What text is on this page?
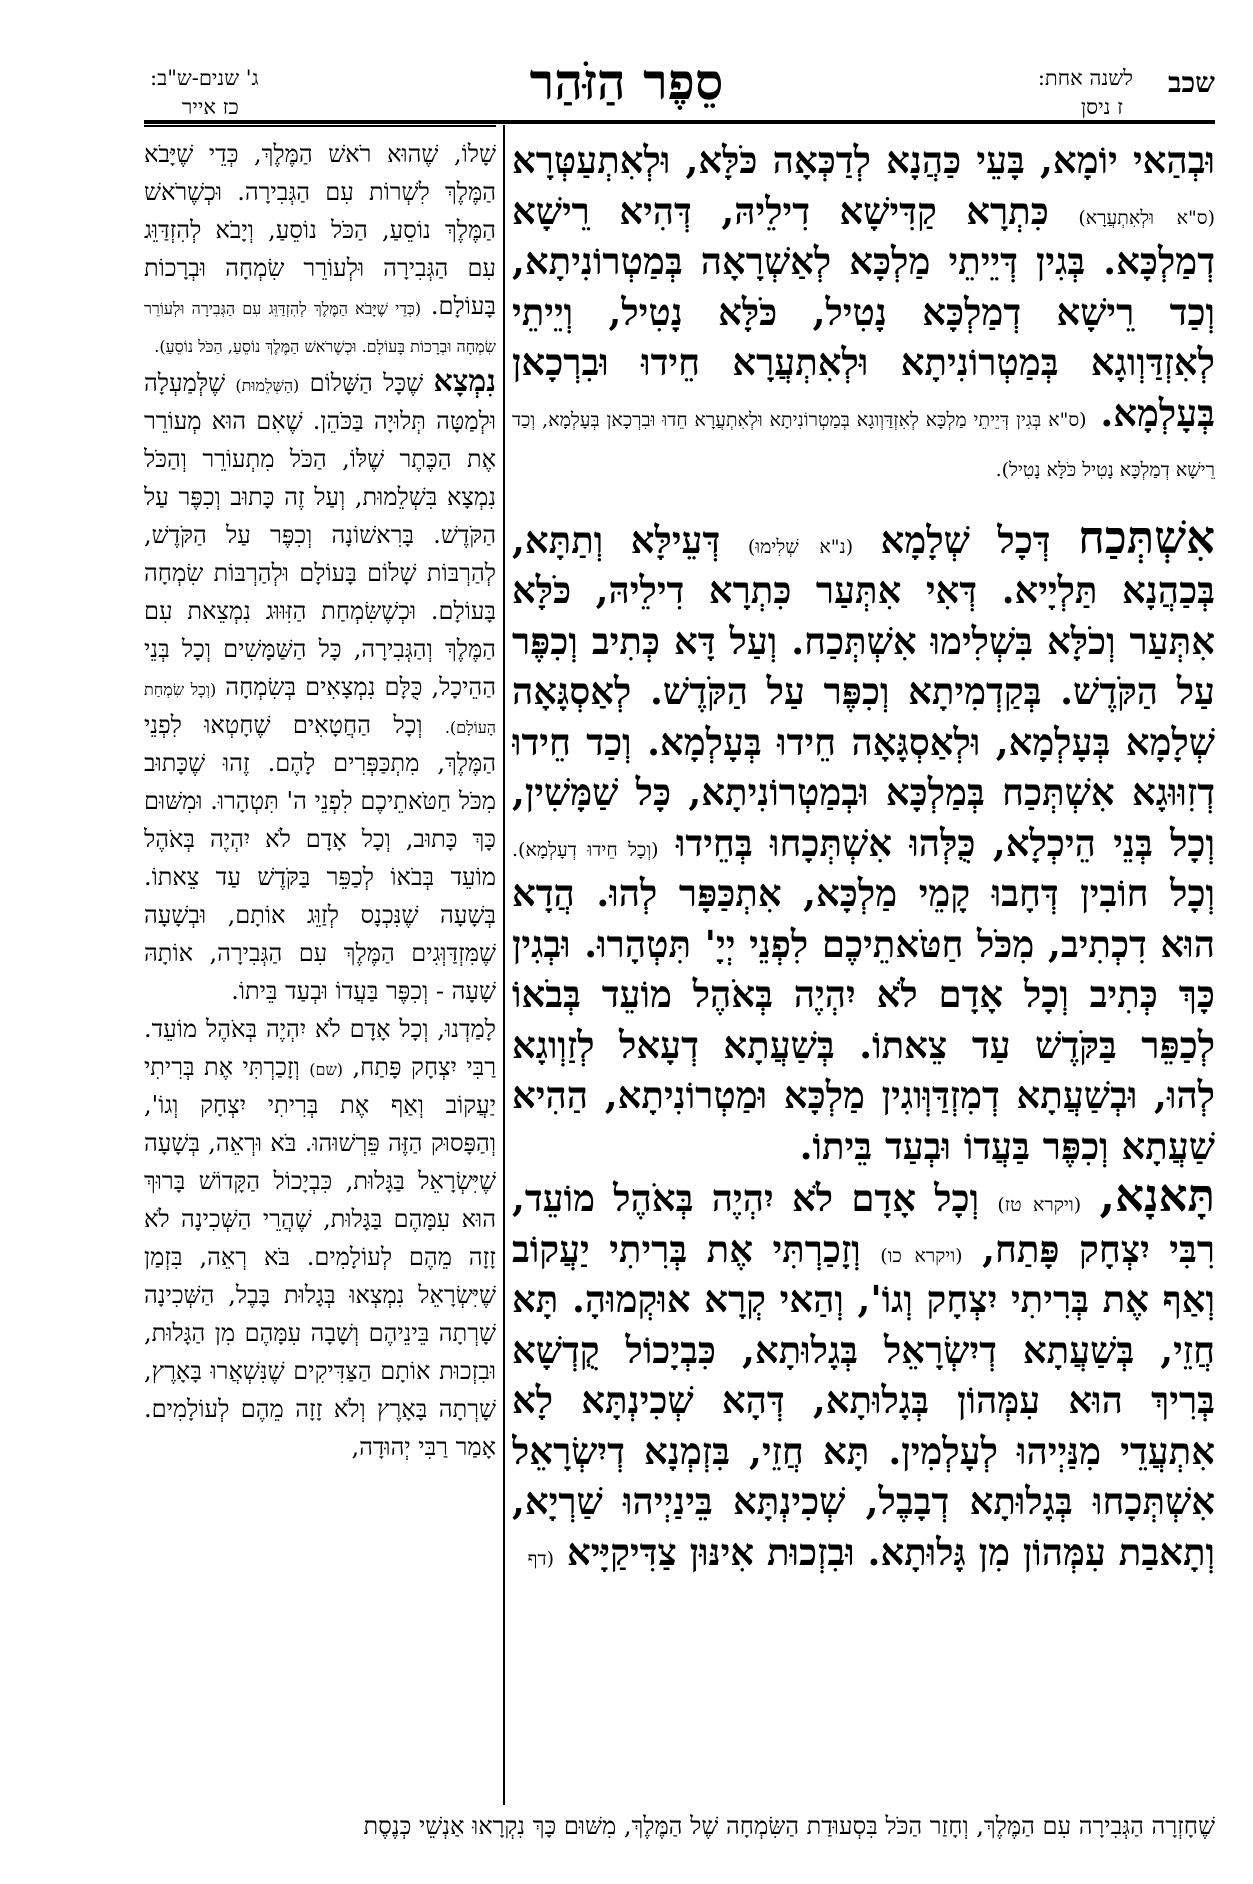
שכב
לשנה אחת:
ז ניסן
סֵפֶר הַזֹּהַר
ג' שנים-ש"ב:
כז אייר

וּבְהַאי יוֹמָא, בָּעֵי כַּהֲנָא לְדַכְּאָה כֹּלָּא, וּלְאִתְעַטְּרָא (ס"א וּלְאִתְעֲרָא) כִּתְרָא קַדִּישָׁא דִילֵיהּ, דְּהִיא רֵישָׁא דְמַלְכָּא. בְּגִין דְּיֵיתֵי מַלְכָּא לְאַשְׁרָאָה בְּמַטְרוֹנִיתָא, וְכַד רֵישָׁא דְמַלְכָּא נָטִיל, כֹּלָּא נָטִיל, וְיֵיתֵי לְאִזְדַּוְוגָא בְּמַטְרוֹנִיתָא וּלְאִתְעֲרָא חֵידוּ וּבִרְכָאן בְּעָלְמָא. (ס"א בְּגִין דְּיֵיתֵי מַלְכָּא לְאִזְדַּוְוגָא בְּמַטְרוֹנִיתָא וּלְאִתְעֲרָא חֵדוּ וּבִרְכָאן בְּעָלְמָא, וְכַד רֵישָׁא דְמַלְכָּא נָטִיל כֹּלָּא נָטִיל).

אִשְׁתְּכַח דְּכָל שְׁלָמָא (נ"א שְׁלִימוּ) דְּעֵילָּא וְתַתָּא, בְּכַהֲנָא תַּלְיָיא. דְּאִי אִתְּעַר כִּתְרָא דִילֵיהּ, כֹּלָּא אִתְּעַר וְכֹלָּא בִּשְׁלִימוּ אִשְׁתְּכַח. וְעַל דָּא כְּתִיב וְכִפֶּר עַל הַקֹּדֶשׁ. בְּקַדְמִיתָא וְכִפֶּר עַל הַקֹּדֶשׁ. לְאַסְגָּאָה שְׁלָמָא בְּעָלְמָא, וּלְאַסְגָּאָה חֵידוּ בְּעָלְמָא. וְכַד חֵידוּ דְזִוּוּגָא אִשְׁתְּכַח בְּמַלְכָּא וּבְמַטְרוֹנִיתָא, כָּל שַׁמָּשִׁין, וְכָל בְּנֵי הֵיכְלָא, כֻּלְּהוּ אִשְׁתְּכָחוּ בְּחֵידוּ (וְכָל חֵידוּ דְעָלְמָא). וְכָל חוֹבִין דְּחָבוּ קָמֵי מַלְכָּא, אִתְכַּפָּר לְהוּ. הֲדָא הוּא דִכְתִיב, מִכֹּל חַטֹּאתֵיכֶם לִפְנֵי יְיָ' תִּטְהָרוּ. וּבְגִין כָּךְ כְּתִיב וְכָל אָדָם לֹא יִהְיֶה בְּאֹהֶל מוֹעֵד בְּבֹאוֹ לְכַפֵּר בַּקֹּדֶשׁ עַד צֵאתוֹ. בְּשַׁעֲתָא דְעָאל לְזַוְוגָא לְהוּ, וּבְשַׁעֲתָא דְמִזְדַּוְּוגִין מַלְכָּא וּמַטְרוֹנִיתָא, הַהִיא שַׁעֲתָא וְכִפֶּר בַּעֲדוֹ וּבְעַד בֵּיתוֹ.

תָּאנָא, (ויקרא טז) וְכָל אָדָם לֹא יִהְיֶה בְּאֹהֶל מוֹעֵד, רִבִּי יִצְחָק פָּתַח, (ויקרא כו) וְזָכַרְתִּי אֶת בְּרִיתִי יַעֲקוֹב וְאַף אֶת בְּרִיתִי יִצְחָק וְגוֹ', וְהַאי קְרָא אוּקְמוּהָ. תָּא חֲזֵי, בְּשַׁעֲתָא דְיִשְׂרָאֵל בְּגָלוּתָא, כִּבְיָכוֹל קֻדְשָׁא בְּרִיךְ הוּא עִמְּהוֹן בְּגָלוּתָא, דְּהָא שְׁכִינְתָּא לָא אִתְעֲדֵי מִנַּיְיהוּ לְעָלְמִין. תָּא חֲזֵי, בִּזְמְנָא דְיִשְׂרָאֵל אִשְׁתְּכָחוּ בְּגָלוּתָא דְבָבֶל, שְׁכִינְתָּא בֵּינַיְיהוּ שַׁרְיָא, וְתָאבַת עִמְּהוֹן מִן גָּלוּתָא. וּבִזְכוּת אִינּוּן צַדִּיקַיָּיא (דף

שָׁלוֹ, שֶׁהוּא רֹאשׁ הַמֶּלֶךְ, כְּדֵי שֶׁיָּבֹא הַמֶּלֶךְ לִשְׁרוֹת עִם הַגְּבִירָה. וּכְשֶׁרֹאשׁ הַמֶּלֶךְ נוֹסֵעַ, הַכֹּל נוֹסֵעַ, וְיָבֹא לְהִזְדַּוֵּג עִם הַגְּבִירָה וּלְעוֹרֵר שִׂמְחָה וּבְרָכוֹת בָּעוֹלָם. (כְּדֵי שֶׁיָּבֹא הַמֶּלֶךְ לְהִזְדַּוֵּג עִם הַגְּבִירָה וּלְעוֹרֵר שִׂמְחָה וּבְרָכוֹת בָּעוֹלָם. וּכְשֶׁרֹאשׁ הַמֶּלֶךְ נוֹסֵעַ, הַכֹּל נוֹסֵעַ).

נִמְצָא שֶׁכָּל הַשָּׁלוֹם (הַשְּׁלֵמוּת) שֶׁלְּמַעְלָה וּלְמַטָּה תְּלוּיָה בַּכֹּהֵן. שֶׁאִם הוּא מְעוֹרֵר אֶת הַכֶּתֶר שֶׁלּוֹ, הַכֹּל מִתְעוֹרֵר וְהַכֹּל נִמְצָא בִּשְׁלֵמוּת, וְעַל זֶה כָּתוּב וְכִפֶּר עַל הַקֹּדֶשׁ. בָּרִאשׁוֹנָה וְכִפֶּר עַל הַקֹּדֶשׁ, לְהַרְבּוֹת שָׁלוֹם בָּעוֹלָם וּלְהַרְבּוֹת שִׂמְחָה בָּעוֹלָם. וּכְשֶׁשִּׂמְחַת הַזִּוּוּג נִמְצֵאת עִם הַמֶּלֶךְ וְהַגְּבִירָה, כָּל הַשַּׁמָּשִׁים וְכָל בְּנֵי הַהֵיכָל, כֻּלָּם נִמְצָאִים בְּשִׂמְחָה (וְכָל שִׂמְחַת הָעוֹלָם). וְכָל הַחֲטָאִים שֶׁחָטְאוּ לִפְנֵי הַמֶּלֶךְ, מִתְכַּפְּרִים לָהֶם. זֶהוּ שֶׁכָּתוּב מִכֹּל חַטֹּאתֵיכֶם לִפְנֵי ה' תִּטְהָרוּ. וּמִשּׁוּם כָּךְ כָּתוּב, וְכָל אָדָם לֹא יִהְיֶה בְּאֹהֶל מוֹעֵד בְּבֹאוֹ לְכַפֵּר בַּקֹּדֶשׁ עַד צֵאתוֹ. בְּשָׁעָה שֶׁנִּכְנָס לְזַוֵּג אוֹתָם, וּבְשָׁעָה שֶׁמִּזְדַּוְּגִים הַמֶּלֶךְ עִם הַגְּבִירָה, אוֹתָהּ שָׁעָה - וְכִפֶּר בַּעֲדוֹ וּבְעַד בֵּיתוֹ.

לָמַדְנוּ, וְכָל אָדָם לֹא יִהְיֶה בְּאֹהֶל מוֹעֵד. רַבִּי יִצְחָק פָּתַח, (שם) וְזָכַרְתִּי אֶת בְּרִיתִי יַעֲקוֹב וְאַף אֶת בְּרִיתִי יִצְחָק וְגוֹ', וְהַפָּסוּק הַזֶּה פֵּרְשׁוּהוּ. בֹּא וּרְאֵה, בְּשָׁעָה שֶׁיִּשְׂרָאֵל בַּגָּלוּת, כִּבְיָכוֹל הַקָּדוֹשׁ בָּרוּךְ הוּא עִמָּהֶם בַּגָּלוּת, שֶׁהֲרֵי הַשְּׁכִינָה לֹא זָזָה מֵהֶם לְעוֹלָמִים. בֹּא רְאֵה, בִּזְמַן שֶׁיִּשְׂרָאֵל נִמְצְאוּ בְּגָלוּת בָּבֶל, הַשְּׁכִינָה שָׁרְתָה בֵּינֵיהֶם וְשָׁבָה עִמָּהֶם מִן הַגָּלוּת, וּבִזְכוּת אוֹתָם הַצַּדִּיקִים שֶׁנִּשְׁאֲרוּ בָּאָרֶץ, שָׁרְתָה בָּאָרֶץ וְלֹא זָזָה מֵהֶם לְעוֹלָמִים. אָמַר רַבִּי יְהוּדָה,

שֶׁחָזְרָה הַגְּבִירָה עִם הַמֶּלֶךְ, וְחָזַר הַכֹּל בִּסְעוּדַת הַשִּׂמְחָה שֶׁל הַמֶּלֶךְ, מִשּׁוּם כָּךְ נִקְרָאוּ אַנְשֵׁי כְּנֶסֶת
